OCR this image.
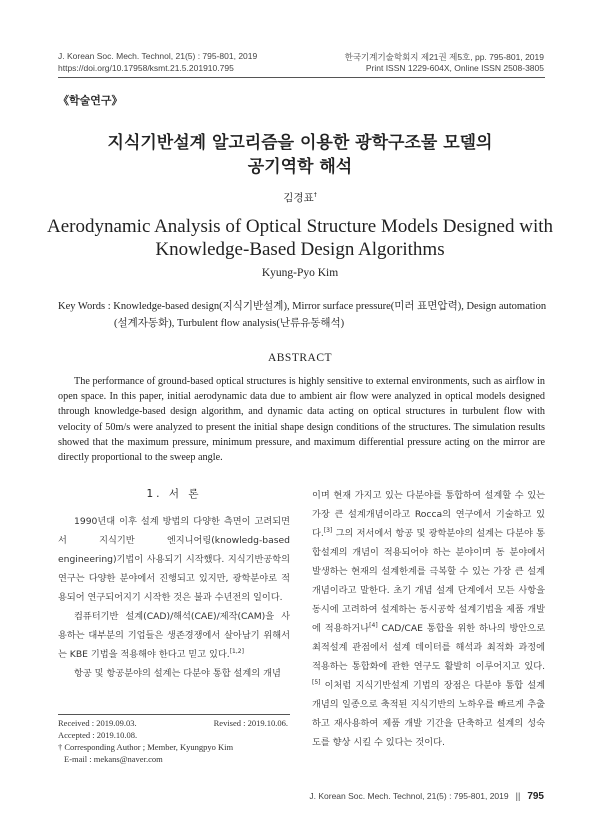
J. Korean Soc. Mech. Technol, 21(5) : 795-801, 2019
https://doi.org/10.17958/ksmt.21.5.201910.795
한국기계기술학회지 제21권 제5호, pp. 795-801, 2019
Print ISSN 1229-604X, Online ISSN 2508-3805
《학술연구》
지식기반설계 알고리즘을 이용한 광학구조물 모델의
공기역학 해석
김경표†
Aerodynamic Analysis of Optical Structure Models Designed with
Knowledge-Based Design Algorithms
Kyung-Pyo Kim
Key Words : Knowledge-based design(지식기반설계), Mirror surface pressure(미러 표면압력), Design automation
(설계자동화), Turbulent flow analysis(난류유동해석)
ABSTRACT
The performance of ground-based optical structures is highly sensitive to external environments, such as airflow in open space. In this paper, initial aerodynamic data due to ambient air flow were analyzed in optical models designed through knowledge-based design algorithm, and dynamic data acting on optical structures in turbulent flow with velocity of 50m/s were analyzed to present the initial shape design conditions of the structures. The simulation results showed that the maximum pressure, minimum pressure, and maximum differential pressure acting on the mirror are directly proportional to the sweep angle.
1. 서 론

1990년대 이후 설계 방법의 다양한 측면이 고려되면서 지식기반 엔지니어링(knowledg-based engineering)기법이 사용되기 시작했다. 지식기반공학의 연구는 다양한 분야에서 진행되고 있지만, 광학분야로 적용되어 연구되어지기 시작한 것은 불과 수년전의 일이다.

컴퓨터기반 설계(CAD)/해석(CAE)/제작(CAM)을 사용하는 대부분의 기업들은 생존경쟁에서 살아남기 위해서는 KBE 기법을 적용해야 한다고 믿고 있다.[1,2]

항공 및 항공분야의 설계는 다분야 통합 설계의 개념

Received : 2019.09.03.	Revised : 2019.10.06.
Accepted : 2019.10.08.
† Corresponding Author ; Member, Kyungpyo Kim
E-mail : mekans@naver.com

이며 현재 가지고 있는 다분야를 통합하여 설계할 수 있는 가장 큰 설계개념이라고 Rocca의 연구에서 기술하고 있다.[3] 그의 저서에서 항공 및 광학분야의 설계는 다분야 통합설계의 개념이 적용되어야 하는 분야이며 동 분야에서 발생하는 현재의 설계한계를 극복할 수 있는 가장 큰 설계 개념이라고 말한다. 초기 개념 설계 단계에서 모든 사항을 동시에 고려하여 설계하는 동시공학 설계기법을 제품 개발에 적용하거나[4] CAD/CAE 통합을 위한 하나의 방안으로 최적설계 관점에서 설계 데이터를 해석과 최적화 과정에 적용하는 통합화에 관한 연구도 활발히 이루어지고 있다.[5] 이처럼 지식기반설계 기법의 장점은 다분야 통합 설계 개념의 일종으로 축적된 지식기반의 노하우를 빠르게 추출하고 재사용하여 제품 개발 기간을 단축하고 설계의 성숙도를 향상 시킬 수 있다는 것이다.

J. Korean Soc. Mech. Technol, 21(5) : 795-801, 2019 || 795
